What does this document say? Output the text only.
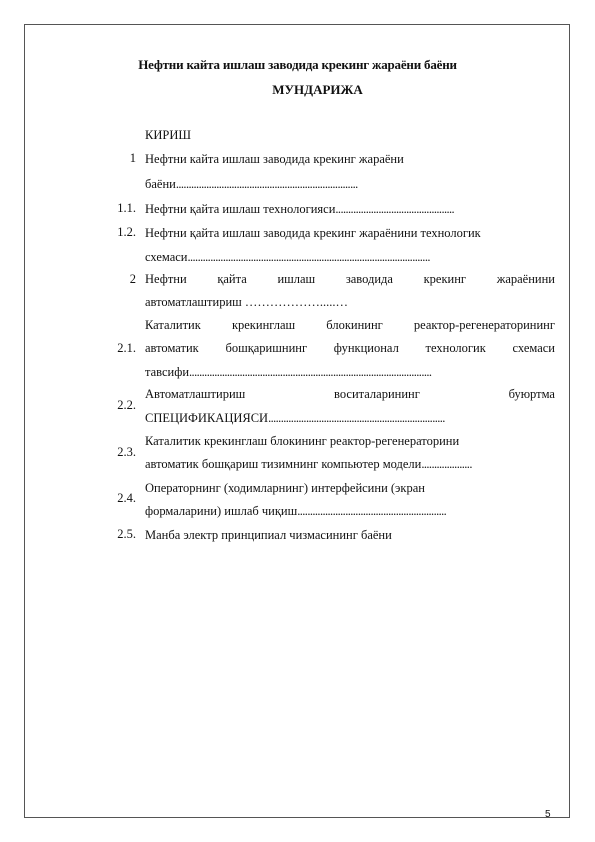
Нефтни кайта ишлаш заводида крекинг жараёни баёни
МУНДАРИЖА
КИРИШ
1 Нефтни кайта ишлаш заводида крекинг жараёни
баёни........................................................................
1.1. Нефтни қайта ишлаш технологияси...............................................
1.2. Нефтни қайта ишлаш заводида крекинг жараёнини технологик
схемаси................................................................................................
2 Нефтни қайта ишлаш заводида крекинг жараёнини
автоматлаштириш ……………….....…
Каталитик крекинглаш блокининг реактор-регенераторининг
2.1. автоматик бошқаришнинг функционал технологик схемаси
тавсифи................................................................................................
Автоматлаштириш	воситаларининг	буюртма
2.2.
СПЕЦИФИКАЦИЯСИ......................................................................
Каталитик крекинглаш блокининг реактор-регенераторини
2.3.
автоматик бошқариш тизимнинг компьютер модели....................
Операторнинг (ходимларнинг) интерфейсини (экран
2.4.
формаларини) ишлаб чиқиш...........................................................
2.5. Манба электр принципиал чизмасининг баёни
5
